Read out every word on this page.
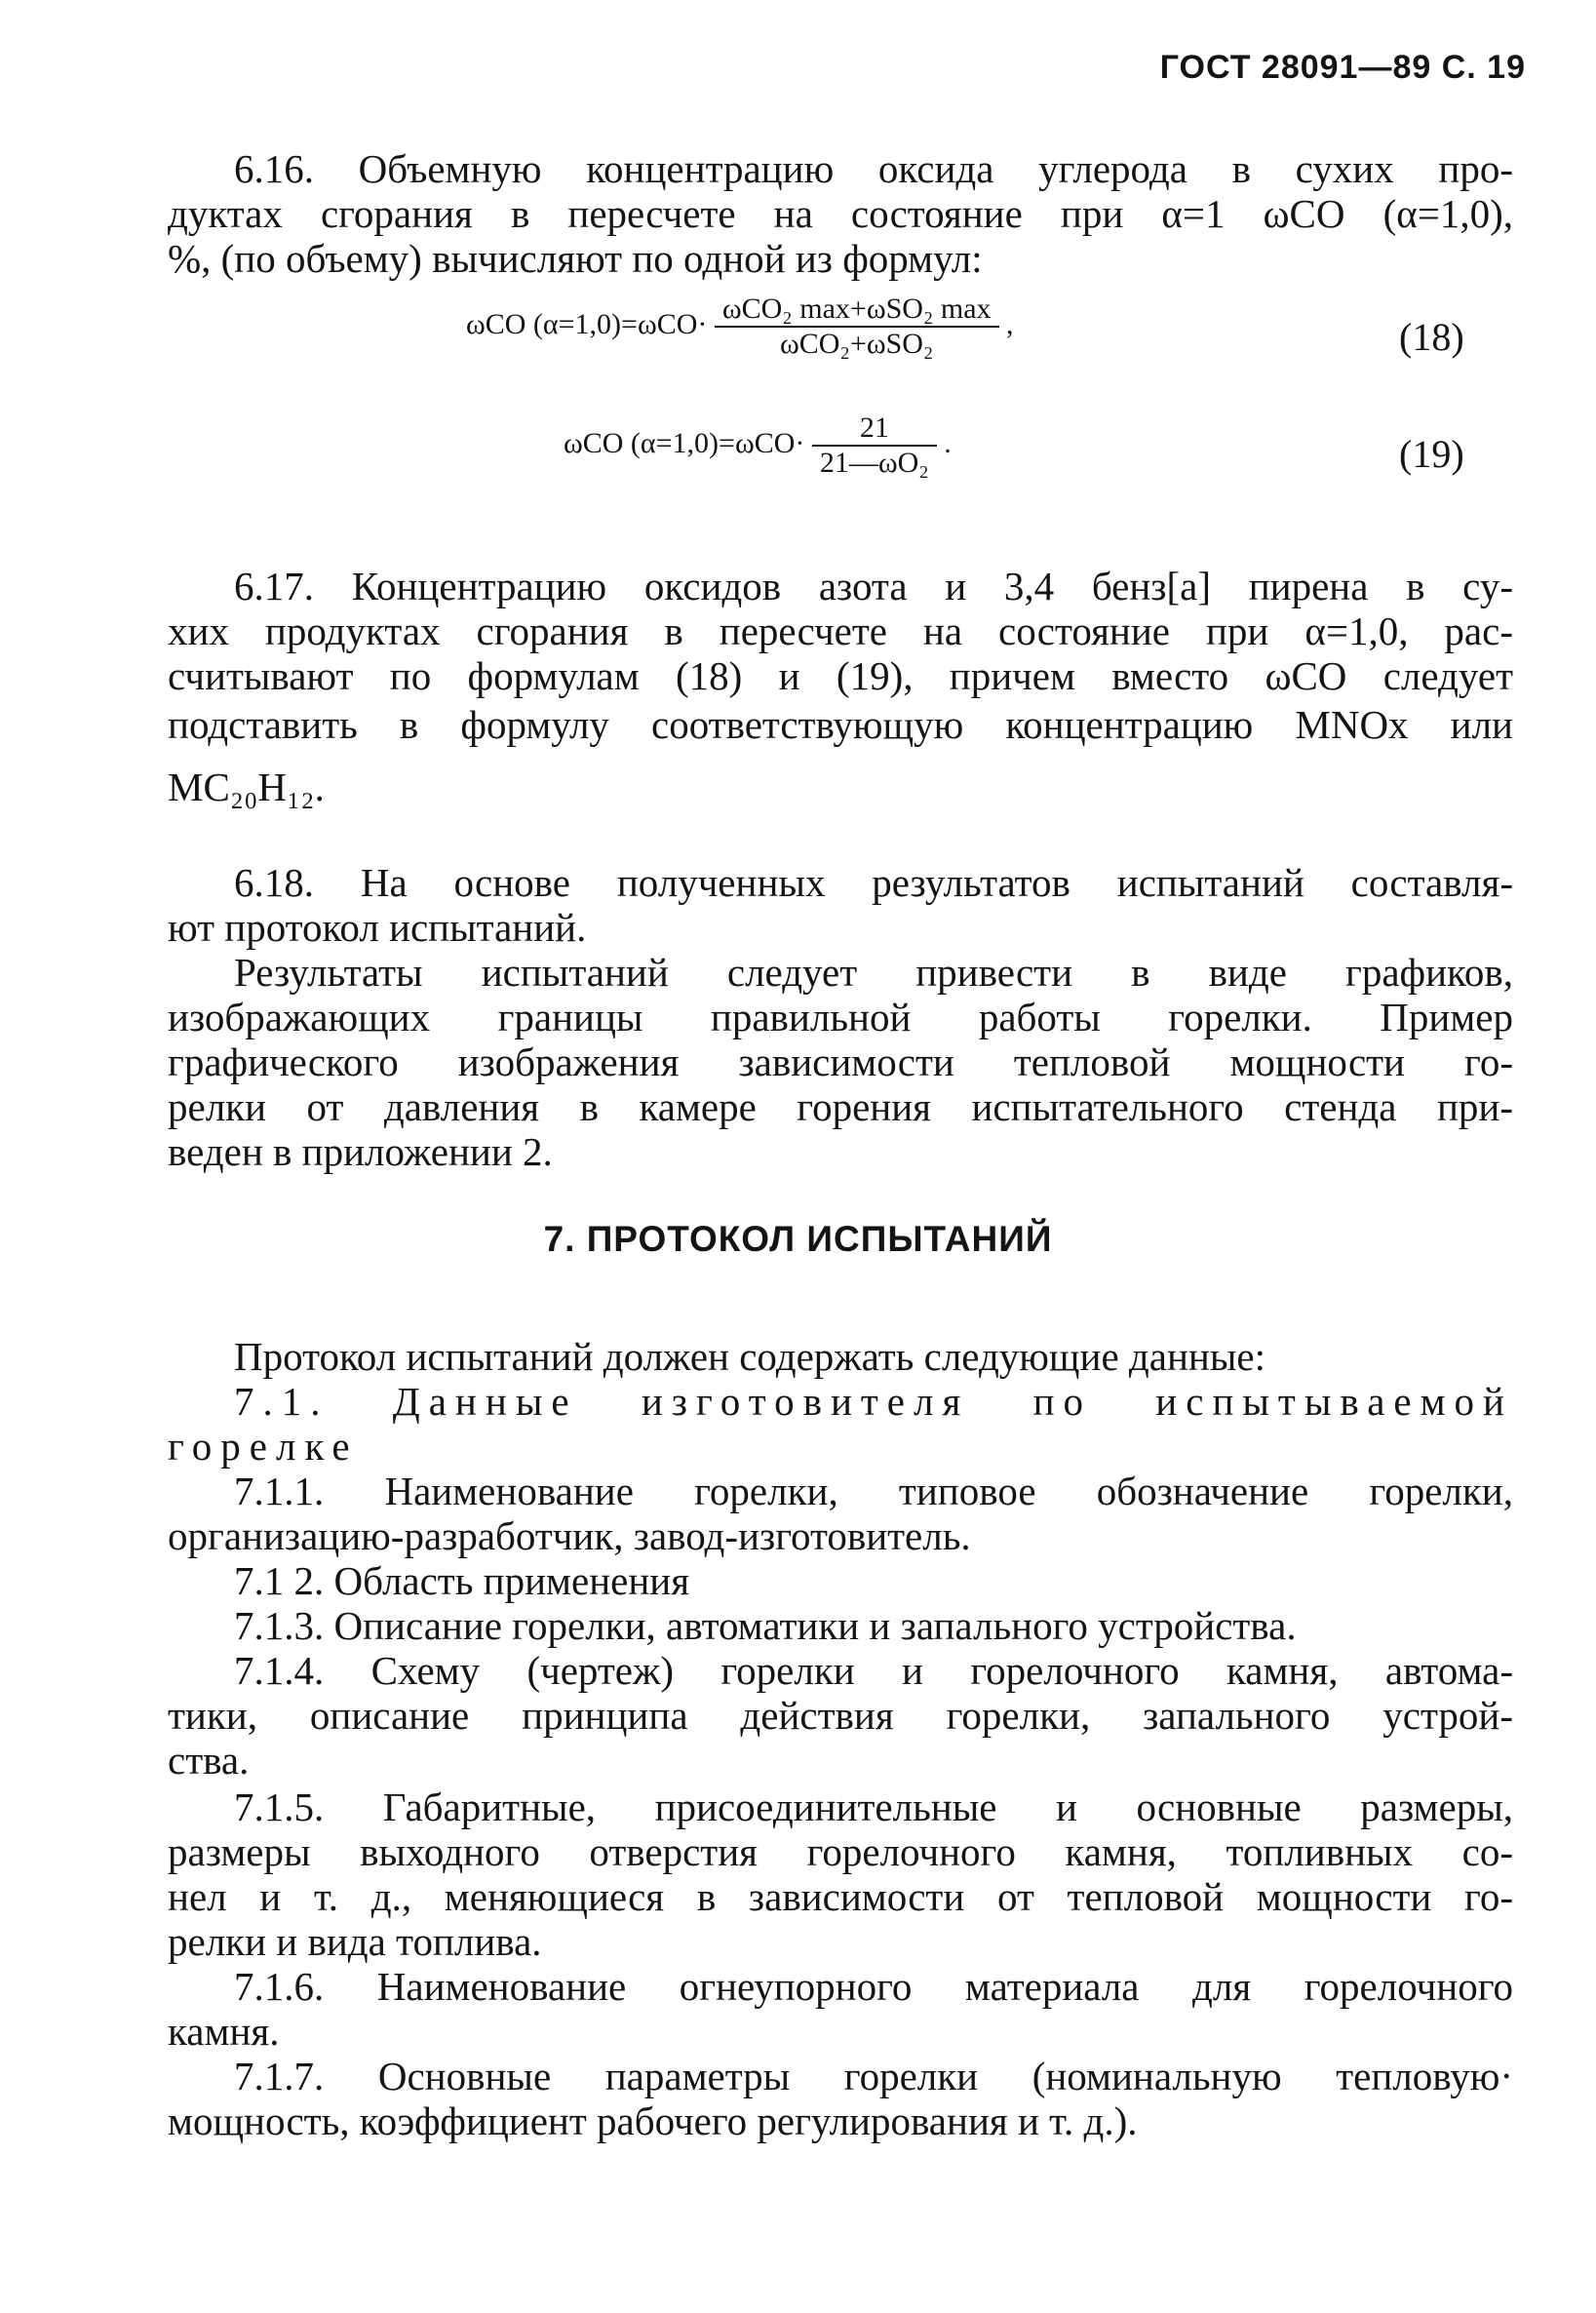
ГОСТ 28091—89 С. 19
6.16. Объемную концентрацию оксида углерода в сухих про-
дуктах сгорания в пересчете на состояние при α=1 ωCO (α=1,0),
%, (по объему) вычисляют по одной из формул:
ωCO $(\alpha=1,0)=\omega CO\cdot \frac{\text{ωCO₂ max+ωSO₂ max}}{\text{ωCO₂+ωSO₂}}$ ,	(18)
ωCO $(\alpha=1,0)=\omega CO\cdot \frac{21}{\text{21—ωO₂}}$ .	(19)
6.17. Концентрацию оксидов азота и 3,4 бенз[а] пирена в су-
хих продуктах сгорания в пересчете на состояние при α=1,0, рас-
считывают по формулам (18) и (19), причем вместо ωCO следует
подставить в формулу соответствующую концентрацию MNOx или
MC₂₀H₁₂.
6.18. На основе полученных результатов испытаний составля-
ют протокол испытаний.
Результаты испытаний следует привести в виде графиков,
изображающих границы правильной работы горелки. Пример
графического изображения зависимости тепловой мощности го-
релки от давления в камере горения испытательного стенда при-
веден в приложении 2.
7. ПРОТОКОЛ ИСПЫТАНИЙ
Протокол испытаний должен содержать следующие данные:
7.1. Данные изготовителя по испытываемой
горелке
7.1.1. Наименование горелки, типовое обозначение горелки,
организацию-разработчик, завод-изготовитель.
7.1 2. Область применения
7.1.3. Описание горелки, автоматики и запального устройства.
7.1.4. Схему (чертеж) горелки и горелочного камня, автома-
тики, описание принципа действия горелки, запального устрой-
ства.
7.1.5. Габаритные, присоединительные и основные размеры,
размеры выходного отверстия горелочного камня, топливных со-
нел и т. д., меняющиеся в зависимости от тепловой мощности го-
релки и вида топлива.
7.1.6. Наименование огнеупорного материала для горелочного
камня.
7.1.7. Основные параметры горелки (номинальную тепловую·
мощность, коэффициент рабочего регулирования и т. д.).
